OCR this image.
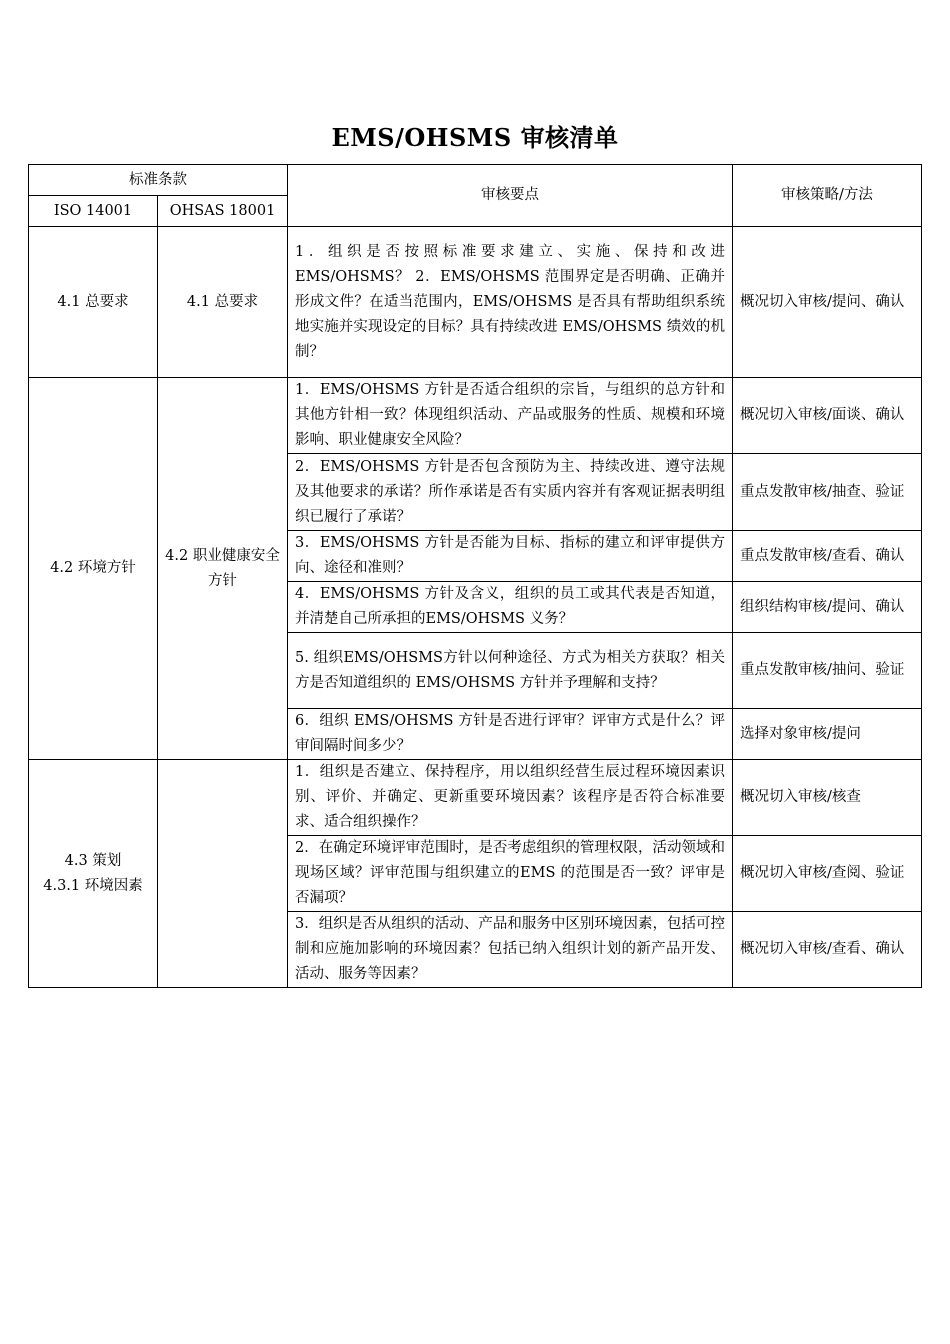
EMS/OHSMS 审核清单
标准条款		审核要点	审核策略/方法
ISO 14001	OHSAS 18001		
4.1 总要求	4.1 总要求	1．组织是否按照标准要求建立、实施、保持和改进EMS/OHSMS？ 2．EMS/OHSMS 范围界定是否明确、正确并形成文件？在适当范围内，EMS/OHSMS 是否具有帮助组织系统地实施并实现设定的目标？具有持续改进 EMS/OHSMS 绩效的机制？	概况切入审核/提问、确认
4.2 环境方针	4.2 职业健康安全方针	1．EMS/OHSMS 方针是否适合组织的宗旨，与组织的总方针和其他方针相一致？体现组织活动、产品或服务的性质、规模和环境影响、职业健康安全风险？	概况切入审核/面谈、确认
		2．EMS/OHSMS 方针是否包含预防为主、持续改进、遵守法规及其他要求的承诺？所作承诺是否有实质内容并有客观证据表明组织已履行了承诺？	重点发散审核/抽查、验证
		3．EMS/OHSMS 方针是否能为目标、指标的建立和评审提供方向、途径和准则？	重点发散审核/查看、确认
		4．EMS/OHSMS 方针及含义，组织的员工或其代表是否知道，并清楚自己所承担的EMS/OHSMS 义务？	组织结构审核/提问、确认
		5. 组织EMS/OHSMS方针以何种途径、方式为相关方获取？相关方是否知道组织的 EMS/OHSMS 方针并予理解和支持？	重点发散审核/抽问、验证
		6．组织 EMS/OHSMS 方针是否进行评审？评审方式是什么？评审间隔时间多少？	选择对象审核/提问

4.3 策划
4.3.1 环境因素		1．组织是否建立、保持程序，用以组织经营生辰过程环境因素识别、评价、并确定、更新重要环境因素？该程序是否符合标准要求、适合组织操作？	概况切入审核/核查
		2．在确定环境评审范围时，是否考虑组织的管理权限，活动领域和现场区域？评审范围与组织建立的EMS 的范围是否一致？评审是否漏项？	概况切入审核/查阅、验证
		3．组织是否从组织的活动、产品和服务中区别环境因素，包括可控制和应施加影响的环境因素？包括已纳入组织计划的新产品开发、活动、服务等因素？	概况切入审核/查看、确认
